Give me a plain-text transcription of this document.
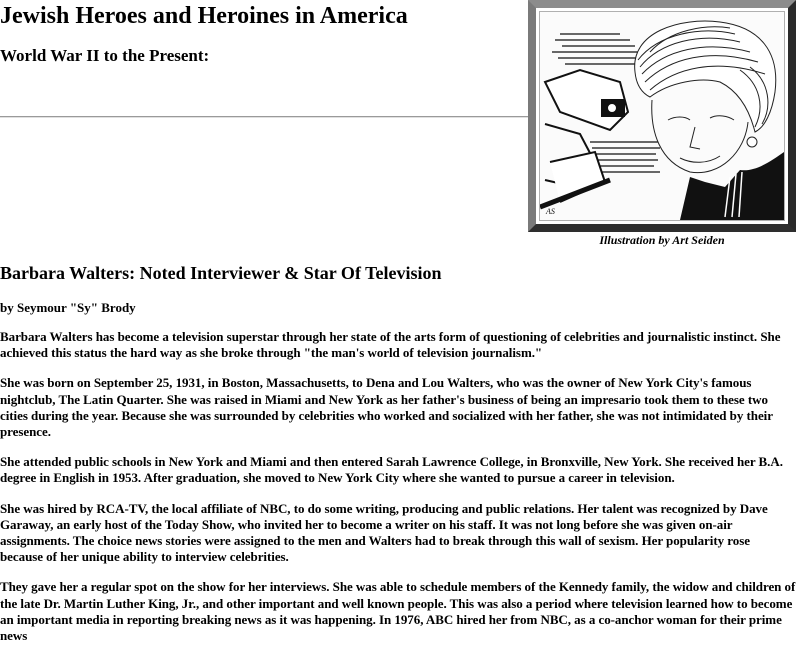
Jewish Heroes and Heroines in America
World War II to the Present:
AS
Illustration by Art Seiden
Barbara Walters: Noted Interviewer & Star Of Television
by Seymour "Sy" Brody

Barbara Walters has become a television superstar through her state of the arts form of questioning of celebrities and journalistic instinct. She achieved this status the hard way as she broke through "the man's world of television journalism."

She was born on September 25, 1931, in Boston, Massachusetts, to Dena and Lou Walters, who was the owner of New York City's famous nightclub, The Latin Quarter. She was raised in Miami and New York as her father's business of being an impresario took them to these two cities during the year. Because she was surrounded by celebrities who worked and socialized with her father, she was not intimidated by their presence.

She attended public schools in New York and Miami and then entered Sarah Lawrence College, in Bronxville, New York. She received her B.A. degree in English in 1953. After graduation, she moved to New York City where she wanted to pursue a career in television.

She was hired by RCA-TV, the local affiliate of NBC, to do some writing, producing and public relations. Her talent was recognized by Dave Garaway, an early host of the Today Show, who invited her to become a writer on his staff. It was not long before she was given on-air assignments. The choice news stories were assigned to the men and Walters had to break through this wall of sexism. Her popularity rose because of her unique ability to interview celebrities.

They gave her a regular spot on the show for her interviews. She was able to schedule members of the Kennedy family, the widow and children of the late Dr. Martin Luther King, Jr., and other important and well known people. This was also a period where television learned how to become an important media in reporting breaking news as it was happening. In 1976, ABC hired her from NBC, as a co-anchor woman for their prime news
